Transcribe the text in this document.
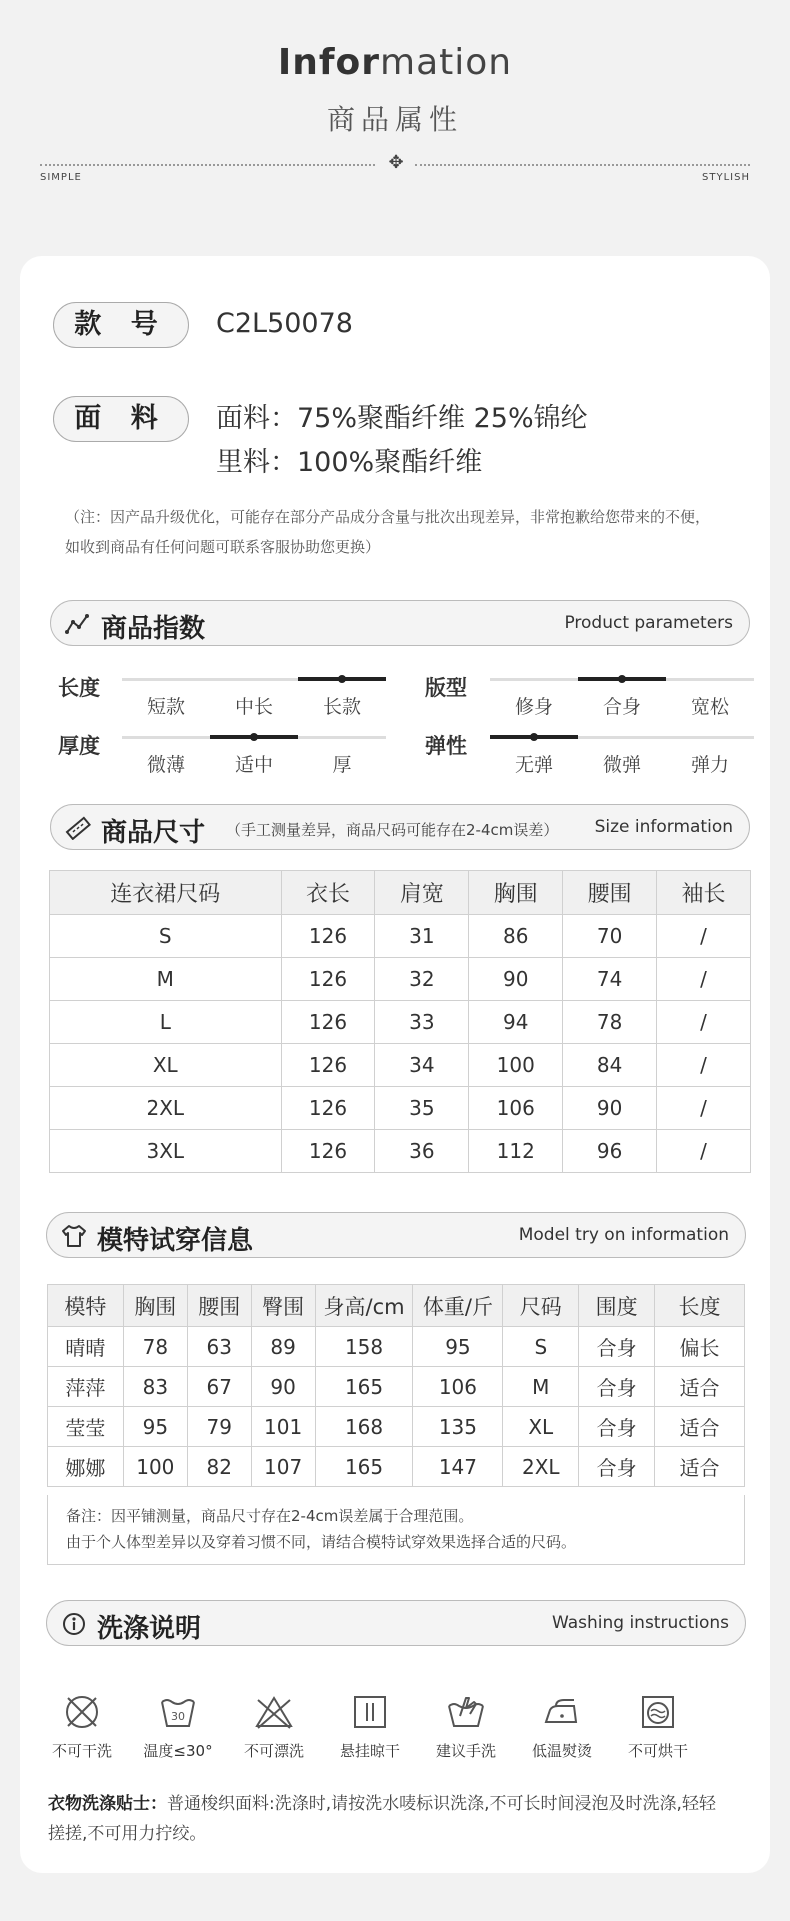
Information
商品属性
✥
SIMPLE	STYLISH
款 号	C2L50078
面 料	面料：75%聚酯纤维 25%锦纶
里料：100%聚酯纤维
（注：因产品升级优化，可能存在部分产品成分含量与批次出现差异，非常抱歉给您带来的不便，
如收到商品有任何问题可联系客服协助您更换）
商品指数	Product parameters
商品尺寸 （手工测量差异，商品尺码可能存在2-4cm误差） Size information
连衣裙尺码	衣长	肩宽	胸围	腰围	袖长
S	126	31	86	70	/
M	126	32	90	74	/
L	126	33	94	78	/
XL	126	34	100	84	/
2XL	126	35	106	90	/
3XL	126	36	112	96	/
模特试穿信息	Model try on information
模特	胸围	腰围	臀围	身高/cm	体重/斤	尺码	围度	长度
晴晴	78	63	89	158	95	S	合身	偏长
萍萍	83	67	90	165	106	M	合身	适合
莹莹	95	79	101	168	135	XL	合身	适合
娜娜	100	82	107	165	147	2XL	合身	适合
备注：因平铺测量，商品尺寸存在2-4cm误差属于合理范围。
由于个人体型差异以及穿着习惯不同，请结合模特试穿效果选择合适的尺码。
洗涤说明	Washing instructions
不可干洗
30
温度≤30°	不可漂洗	悬挂晾干	建议手洗	低温熨烫	不可烘干
衣物洗涤贴士：普通梭织面料:洗涤时,请按洗水唛标识洗涤,不可长时间浸泡及时洗涤,轻轻
搓搓,不可用力拧绞。
长度
短款	中长	长款
版型
修身	合身	宽松
厚度
微薄	适中	厚
弹性
无弹	微弹	弹力
